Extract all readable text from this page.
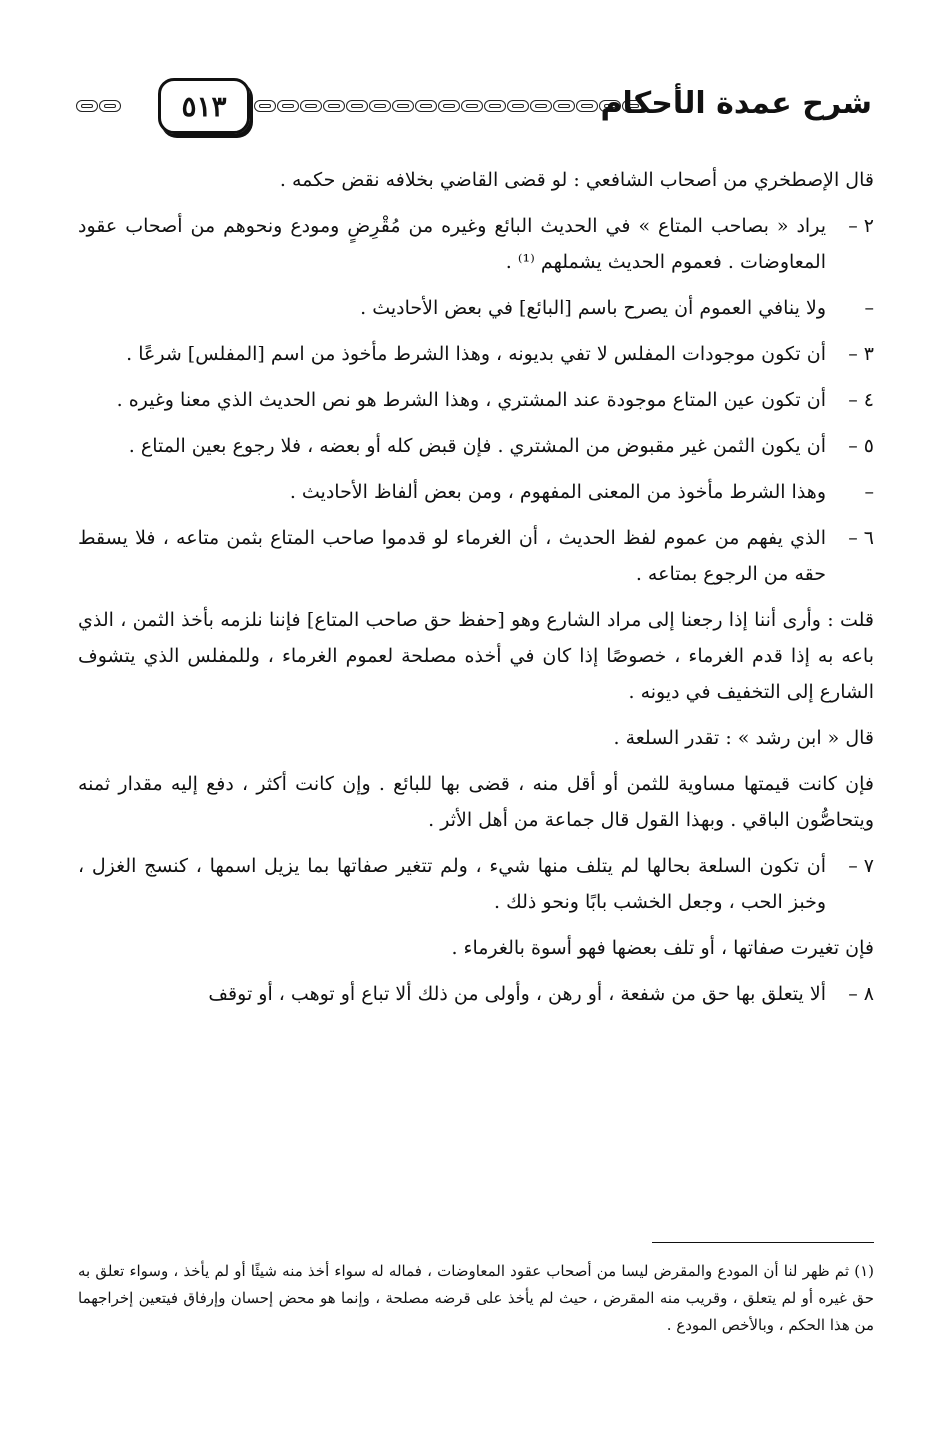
٥١٣	شرح عمدة الأحكام

قال الإصطخري من أصحاب الشافعي : لو قضى القاضي بخلافه نقض حكمه .

٢ –
يراد « بصاحب المتاع » في الحديث البائع وغيره من مُقْرِضٍ ومودع ونحوهم من أصحاب عقود المعاوضات . فعموم الحديث يشملهم ⁽¹⁾ .
–
ولا ينافي العموم أن يصرح باسم [البائع] في بعض الأحاديث .
٣ –
أن تكون موجودات المفلس لا تفي بديونه ، وهذا الشرط مأخوذ من اسم [المفلس] شرعًا .
٤ –
أن تكون عين المتاع موجودة عند المشتري ، وهذا الشرط هو نص الحديث الذي معنا وغيره .
٥ –
أن يكون الثمن غير مقبوض من المشتري . فإن قبض كله أو بعضه ، فلا رجوع بعين المتاع .
–
وهذا الشرط مأخوذ من المعنى المفهوم ، ومن بعض ألفاظ الأحاديث .
٦ –
الذي يفهم من عموم لفظ الحديث ، أن الغرماء لو قدموا صاحب المتاع بثمن متاعه ، فلا يسقط حقه من الرجوع بمتاعه .

قلت : وأرى أننا إذا رجعنا إلى مراد الشارع وهو [حفظ حق صاحب المتاع] فإننا نلزمه بأخذ الثمن ، الذي باعه به إذا قدم الغرماء ، خصوصًا إذا كان في أخذه مصلحة لعموم الغرماء ، وللمفلس الذي يتشوف الشارع إلى التخفيف في ديونه .

قال « ابن رشد » : تقدر السلعة .

فإن كانت قيمتها مساوية للثمن أو أقل منه ، قضى بها للبائع . وإن كانت أكثر ، دفع إليه مقدار ثمنه ويتحاصُّون الباقي . وبهذا القول قال جماعة من أهل الأثر .

٧ –
أن تكون السلعة بحالها لم يتلف منها شيء ، ولم تتغير صفاتها بما يزيل اسمها ، كنسج الغزل ، وخبز الحب ، وجعل الخشب بابًا ونحو ذلك .

فإن تغيرت صفاتها ، أو تلف بعضها فهو أسوة بالغرماء .

٨ –
ألا يتعلق بها حق من شفعة ، أو رهن ، وأولى من ذلك ألا تباع أو توهب ، أو توقف
(١) ثم ظهر لنا أن المودع والمقرض ليسا من أصحاب عقود المعاوضات ، فماله له سواء أخذ منه شيئًا أو لم يأخذ ، وسواء تعلق به حق غيره أو لم يتعلق ، وقريب منه المقرض ، حيث لم يأخذ على قرضه مصلحة ، وإنما هو محض إحسان وإرفاق فيتعين إخراجهما من هذا الحكم ، وبالأخص المودع .
